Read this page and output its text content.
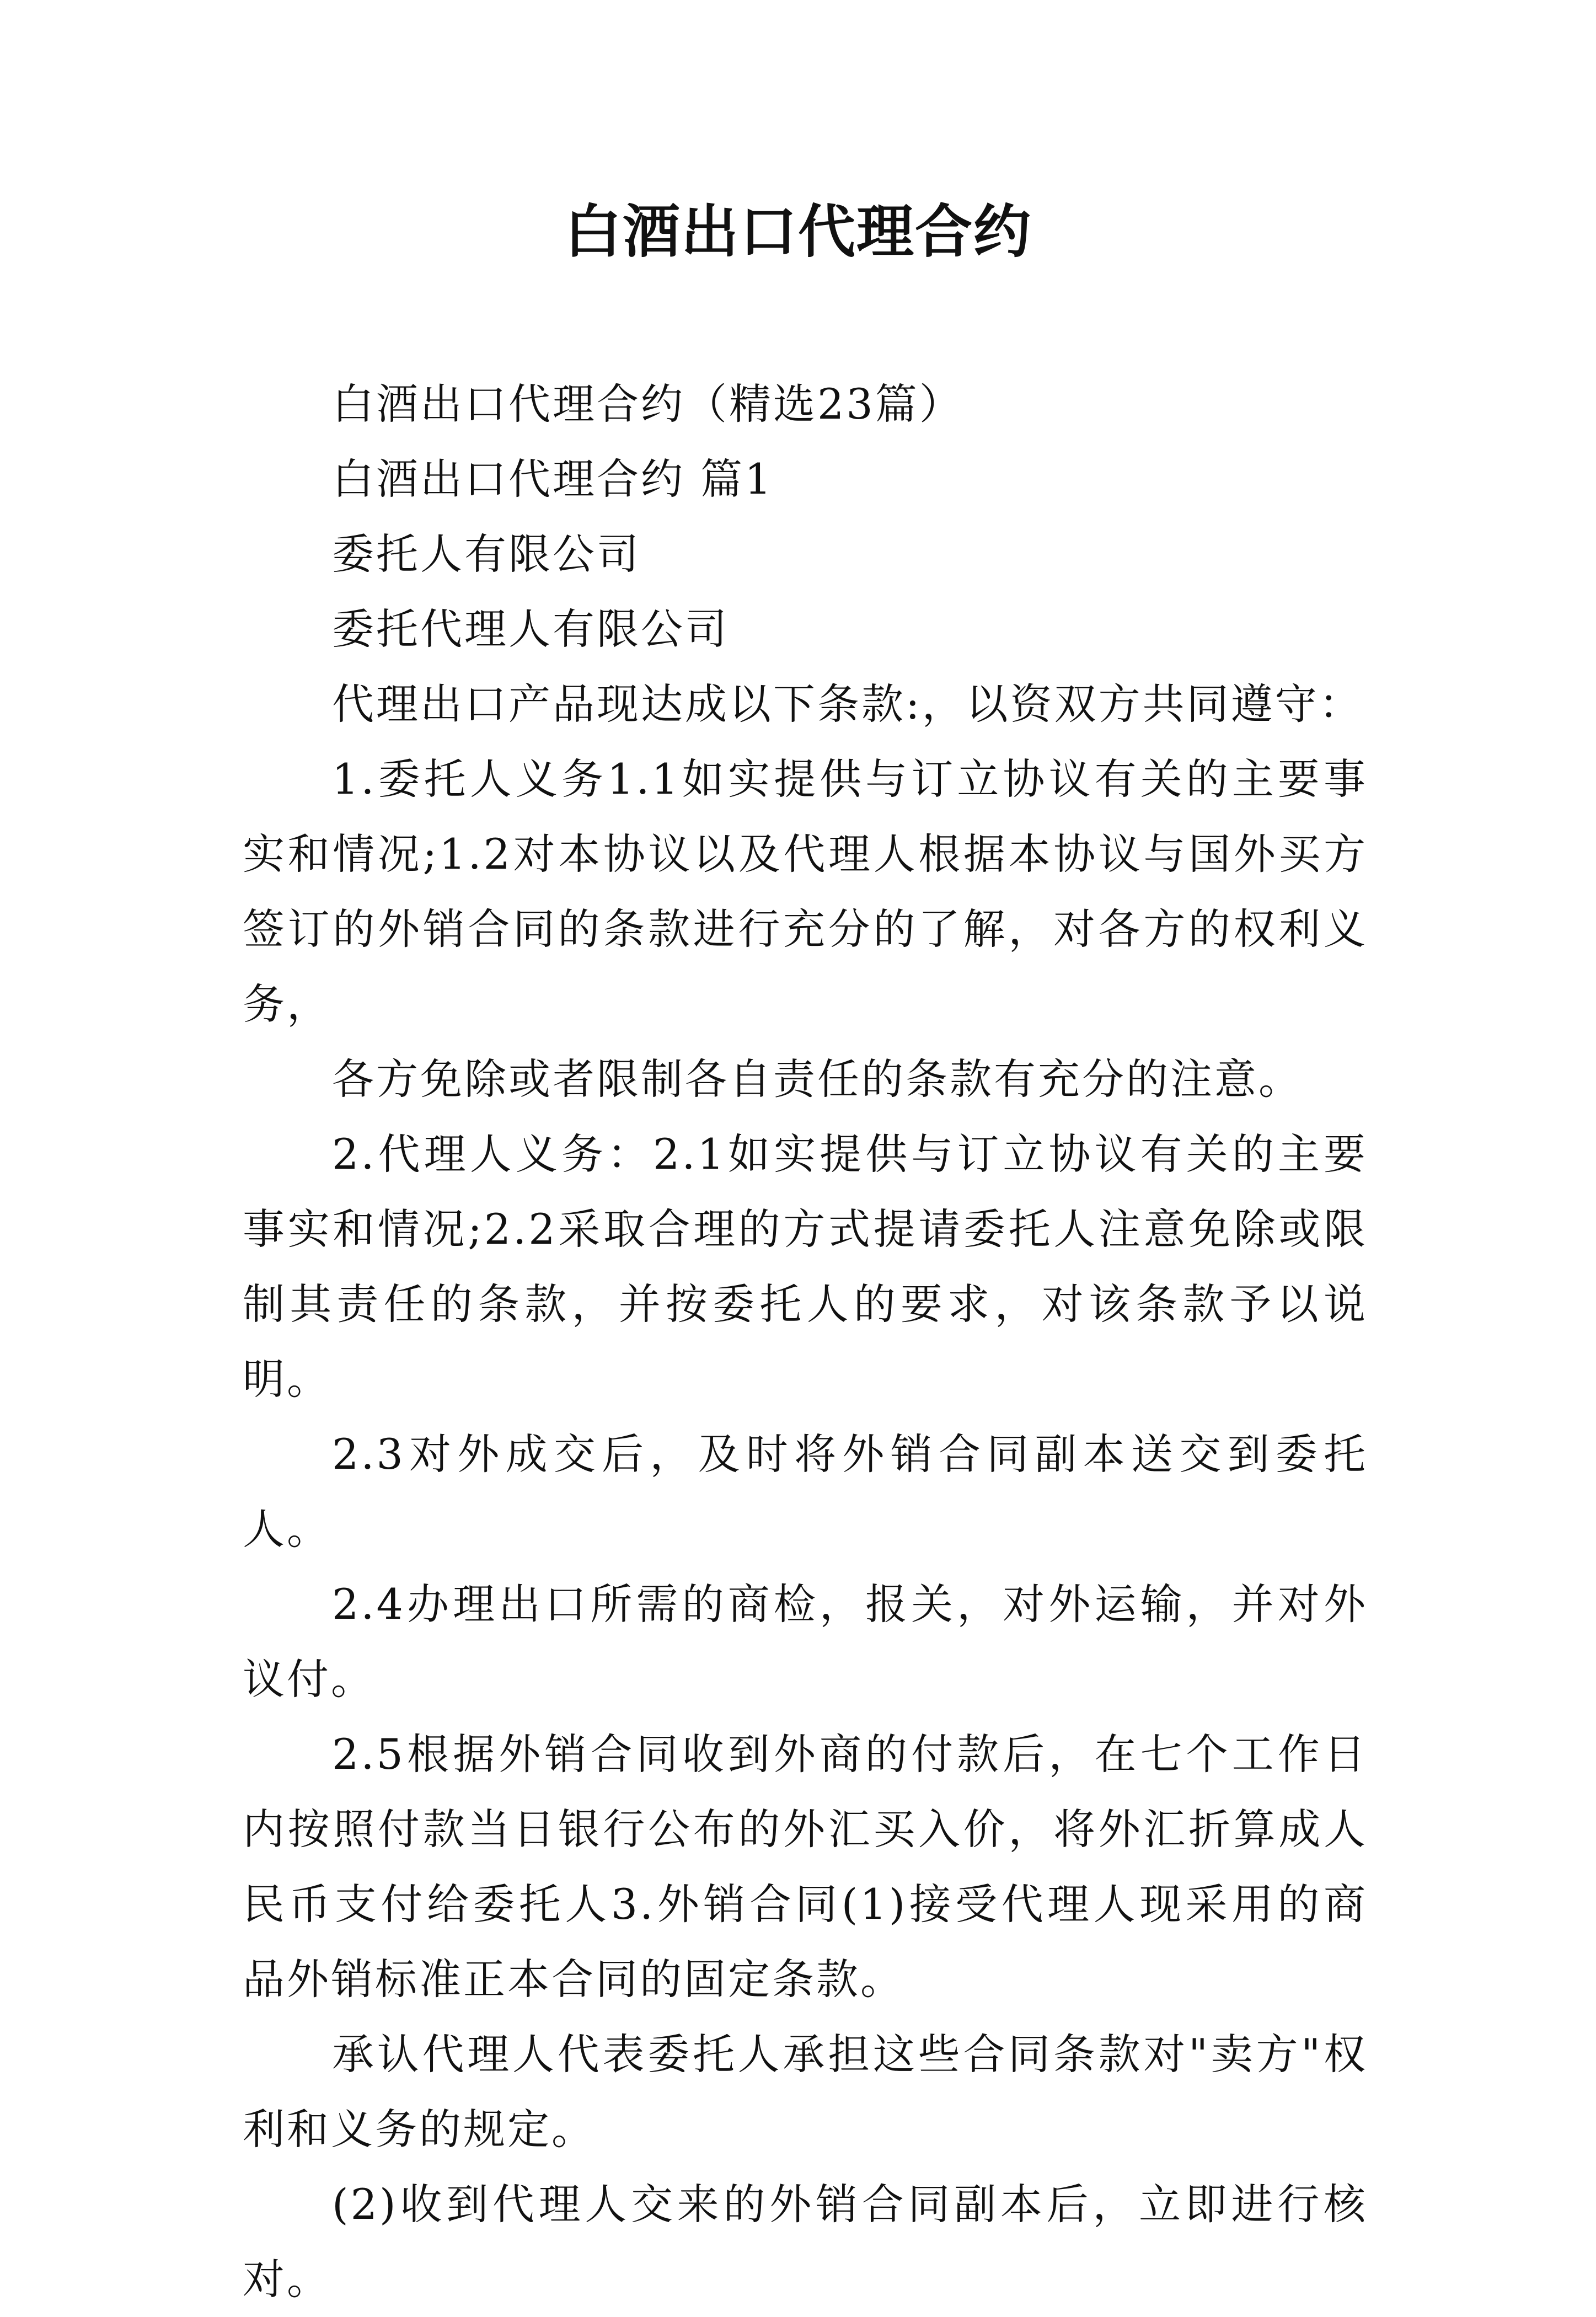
白酒出口代理合约

白酒出口代理合约（精选23篇）

白酒出口代理合约 篇1

委托人有限公司

委托代理人有限公司

代理出口产品现达成以下条款:，以资双方共同遵守：

1.委托人义务1.1如实提供与订立协议有关的主要事实和情况;1.2对本协议以及代理人根据本协议与国外买方签订的外销合同的条款进行充分的了解，对各方的权利义务，

各方免除或者限制各自责任的条款有充分的注意。

2.代理人义务：2.1如实提供与订立协议有关的主要事实和情况;2.2采取合理的方式提请委托人注意免除或限制其责任的条款，并按委托人的要求，对该条款予以说明。

2.3对外成交后，及时将外销合同副本送交到委托人。

2.4办理出口所需的商检，报关，对外运输，并对外议付。

2.5根据外销合同收到外商的付款后，在七个工作日内按照付款当日银行公布的外汇买入价，将外汇折算成人民币支付给委托人3.外销合同(1)接受代理人现采用的商品外销标准正本合同的固定条款。

承认代理人代表委托人承担这些合同条款对"卖方"权利和义务的规定。

(2)收到代理人交来的外销合同副本后，立即进行核对。
